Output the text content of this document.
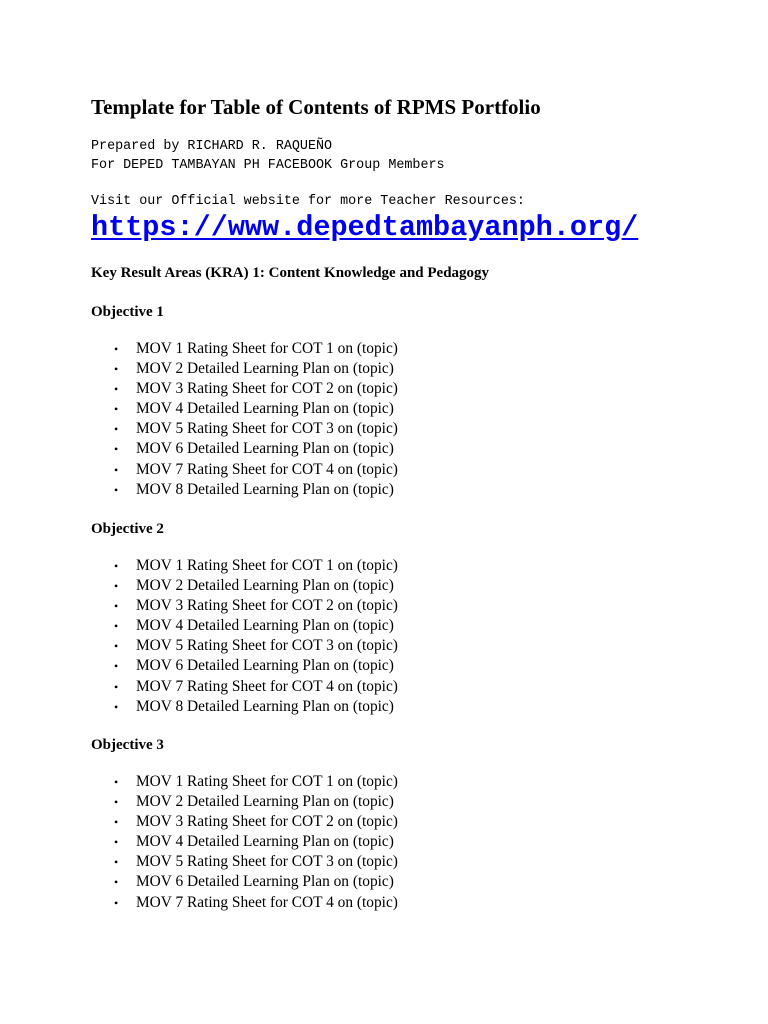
Template for Table of Contents of RPMS Portfolio
Prepared by RICHARD R. RAQUEÑO
For DEPED TAMBAYAN PH FACEBOOK Group Members
Visit our Official website for more Teacher Resources:
https://www.depedtambayanph.org/
Key Result Areas (KRA) 1: Content Knowledge and Pedagogy
Objective 1
• MOV 1 Rating Sheet for COT 1 on (topic)
• MOV 2 Detailed Learning Plan on (topic)
• MOV 3 Rating Sheet for COT 2 on (topic)
• MOV 4 Detailed Learning Plan on (topic)
• MOV 5 Rating Sheet for COT 3 on (topic)
• MOV 6 Detailed Learning Plan on (topic)
• MOV 7 Rating Sheet for COT 4 on (topic)
• MOV 8 Detailed Learning Plan on (topic)
Objective 2
• MOV 1 Rating Sheet for COT 1 on (topic)
• MOV 2 Detailed Learning Plan on (topic)
• MOV 3 Rating Sheet for COT 2 on (topic)
• MOV 4 Detailed Learning Plan on (topic)
• MOV 5 Rating Sheet for COT 3 on (topic)
• MOV 6 Detailed Learning Plan on (topic)
• MOV 7 Rating Sheet for COT 4 on (topic)
• MOV 8 Detailed Learning Plan on (topic)
Objective 3
• MOV 1 Rating Sheet for COT 1 on (topic)
• MOV 2 Detailed Learning Plan on (topic)
• MOV 3 Rating Sheet for COT 2 on (topic)
• MOV 4 Detailed Learning Plan on (topic)
• MOV 5 Rating Sheet for COT 3 on (topic)
• MOV 6 Detailed Learning Plan on (topic)
• MOV 7 Rating Sheet for COT 4 on (topic)
